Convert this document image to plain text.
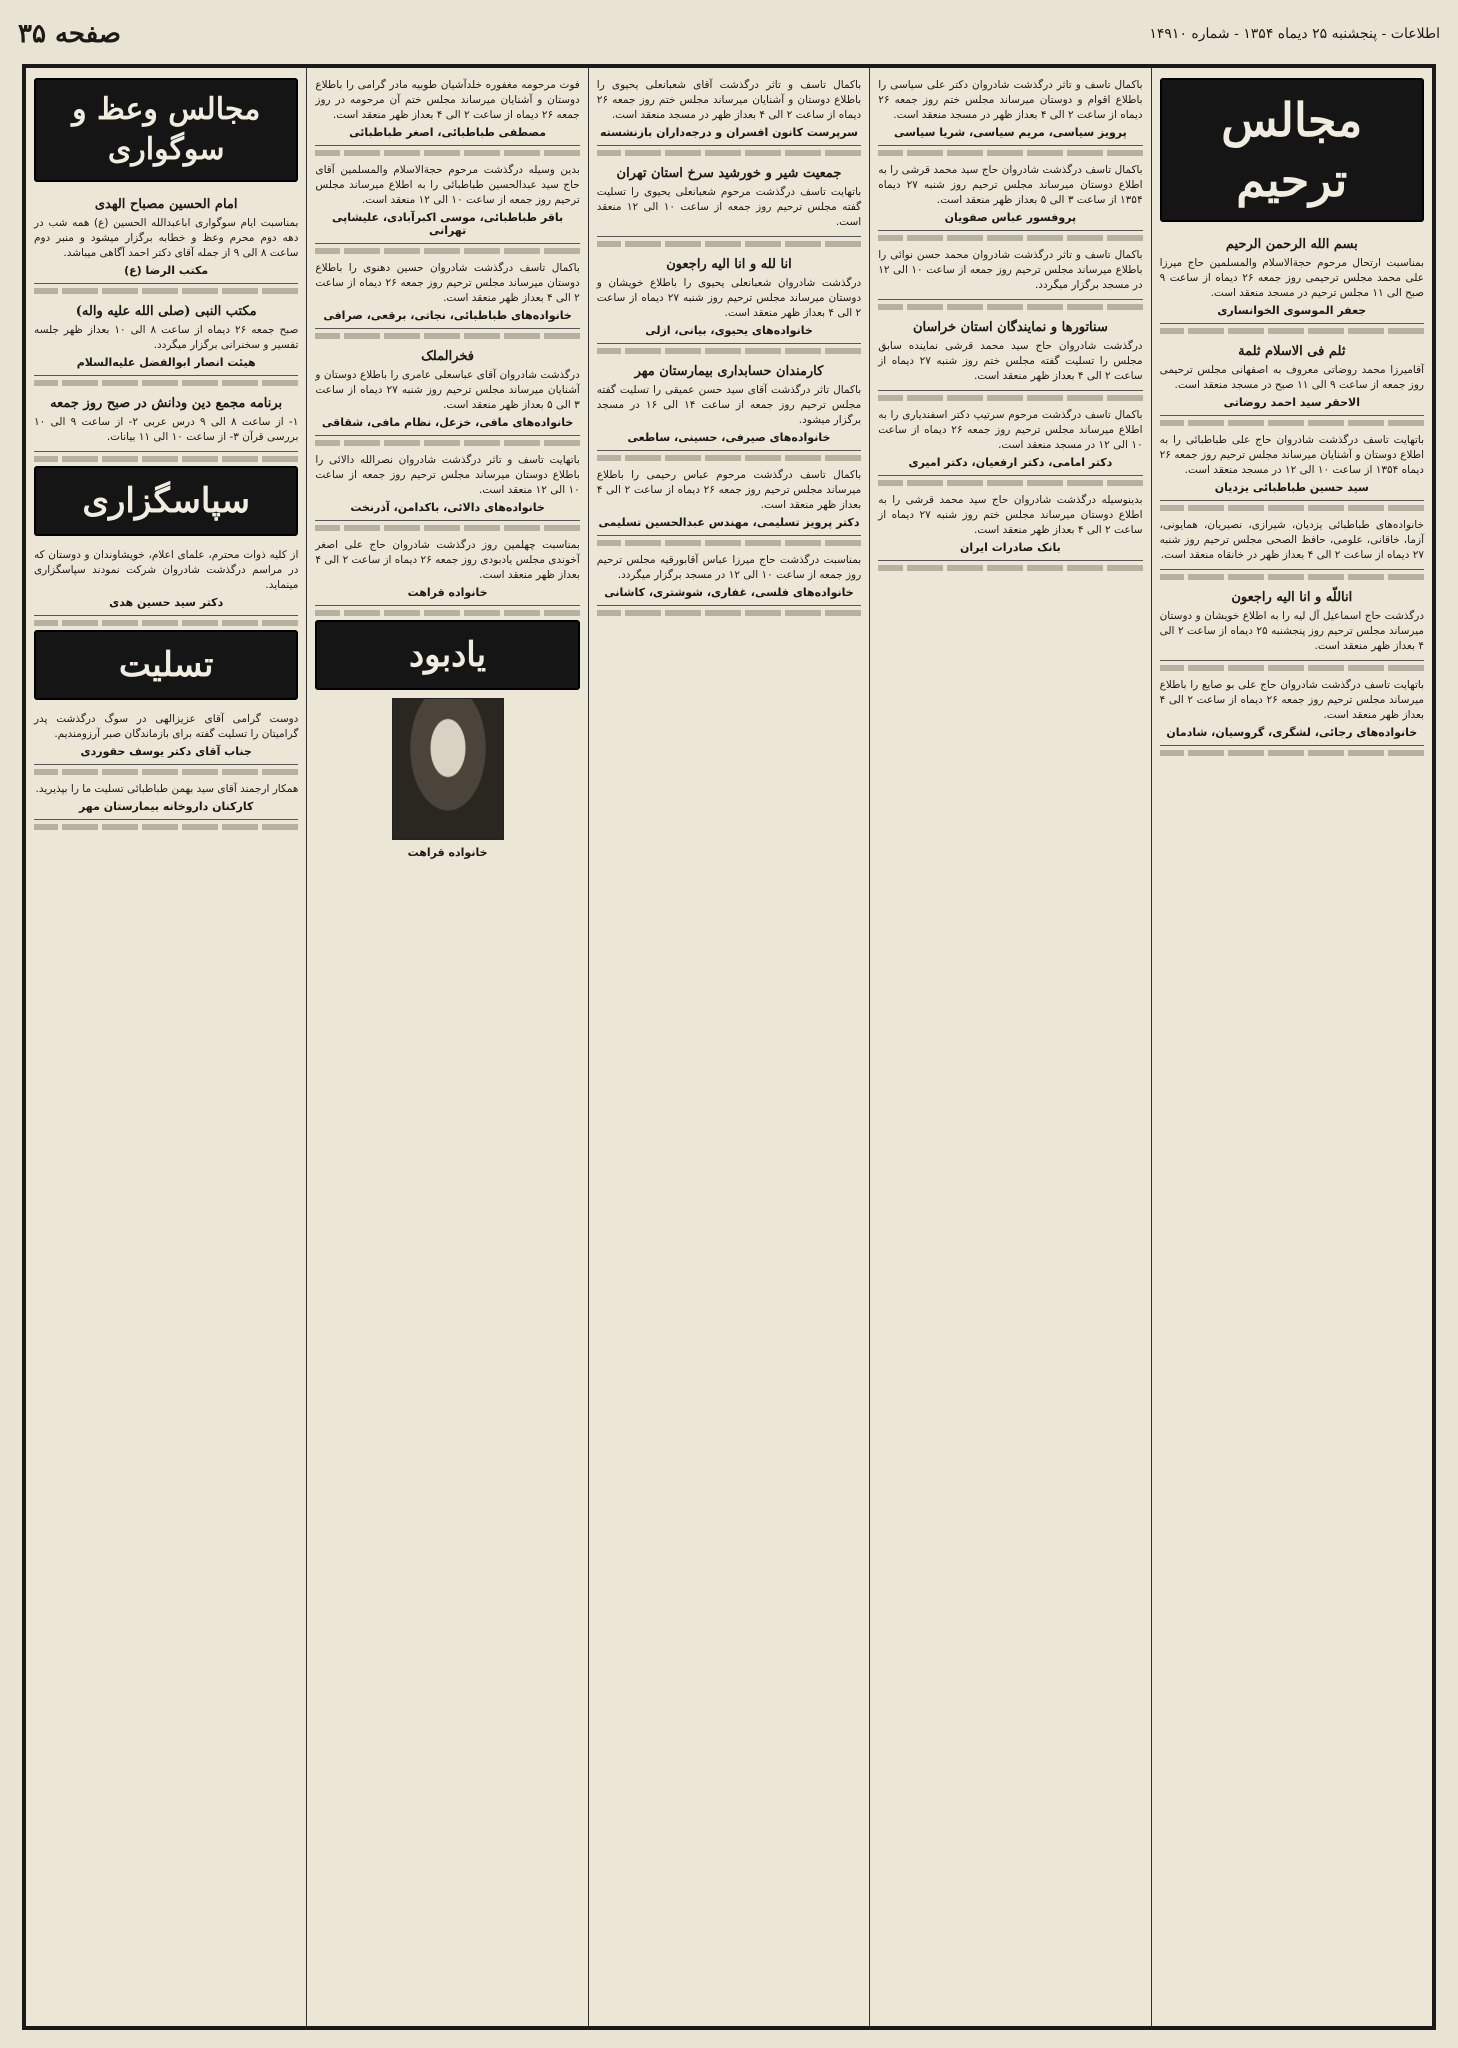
اطلاعات - پنجشنبه ۲۵ دیماه ۱۳۵۴ - شماره ۱۴۹۱۰
صفحه ۳۵
مجالس ترحیم
بسم الله الرحمن الرحیم

بمناسبت ارتحال مرحوم حجةالاسلام والمسلمین حاج میرزا علی محمد مجلس ترحیمی روز جمعه ۲۶ دیماه از ساعت ۹ صبح الی ۱۱ مجلس ترحیم در مسجد منعقد است.

جعفر الموسوی الخوانساری
ثلم فی الاسلام ثلمة

آقامیرزا محمد روضاتی معروف به اصفهانی مجلس ترحیمی روز جمعه از ساعت ۹ الی ۱۱ صبح در مسجد منعقد است.

الاحقر سید احمد روضاتی

باتهایت تاسف درگذشت شادروان حاج علی طباطبائی را به اطلاع دوستان و آشنایان میرساند مجلس ترحیم روز جمعه ۲۶ دیماه ۱۳۵۴ از ساعت ۱۰ الی ۱۲ در مسجد منعقد است.

سید حسین طباطبائی یزدیان

خانواده‌های طباطبائی یزدیان، شیرازی، نصیریان، همایونی، آزما، خاقانی، علومی، حافظ الصحی مجلس ترحیم روز شنبه ۲۷ دیماه از ساعت ۲ الی ۴ بعداز ظهر در خانقاه منعقد است.

اناللّه و انا الیه راجعون

درگذشت حاج اسماعیل آل لیه را به اطلاع خویشان و دوستان میرساند مجلس ترحیم روز پنجشنبه ۲۵ دیماه از ساعت ۲ الی ۴ بعداز ظهر منعقد است.

باتهایت تاسف درگذشت شادروان حاج علی بو صایع را باطلاع میرساند مجلس ترحیم روز جمعه ۲۶ دیماه از ساعت ۲ الی ۴ بعداز ظهر منعقد است.

خانواده‌های رجائی، لشگری، گروسیان، شادمان

باکمال تاسف و تاثر درگذشت شادروان دکتر علی سیاسی را باطلاع اقوام و دوستان میرساند مجلس ختم روز جمعه ۲۶ دیماه از ساعت ۲ الی ۴ بعداز ظهر در مسجد منعقد است.

پرویز سیاسی، مریم سیاسی، شریا سیاسی

باکمال تاسف درگذشت شادروان حاج سید محمد قرشی را به اطلاع دوستان میرساند مجلس ترحیم روز شنبه ۲۷ دیماه ۱۳۵۴ از ساعت ۳ الی ۵ بعداز ظهر منعقد است.

پروفسور عباس صفویان

باکمال تاسف و تاثر درگذشت شادروان محمد حسن نوائی را باطلاع میرساند مجلس ترحیم روز جمعه از ساعت ۱۰ الی ۱۲ در مسجد برگزار میگردد.

سناتورها و نمایندگان استان خراسان

درگذشت شادروان حاج سید محمد قرشی نماینده سابق مجلس را تسلیت گفته مجلس ختم روز شنبه ۲۷ دیماه از ساعت ۲ الی ۴ بعداز ظهر منعقد است.

باکمال تاسف درگذشت مرحوم سرتیپ دکتر اسفندیاری را به اطلاع میرساند مجلس ترحیم روز جمعه ۲۶ دیماه از ساعت ۱۰ الی ۱۲ در مسجد منعقد است.

دکتر امامی، دکتر ارفعیان، دکتر امیری

بدینوسیله درگذشت شادروان حاج سید محمد قرشی را به اطلاع دوستان میرساند مجلس ختم روز شنبه ۲۷ دیماه از ساعت ۲ الی ۴ بعداز ظهر منعقد است.

بانک صادرات ایران

باکمال تاسف و تاثر درگذشت آقای شعبانعلی یحیوی را باطلاع دوستان و آشنایان میرساند مجلس ختم روز جمعه ۲۶ دیماه از ساعت ۲ الی ۴ بعداز ظهر در مسجد منعقد است.

سرپرست کانون افسران و درجه‌داران بازنشسته
جمعیت شیر و خورشید سرخ استان تهران

باتهایت تاسف درگذشت مرحوم شعبانعلی یحیوی را تسلیت گفته مجلس ترحیم روز جمعه از ساعت ۱۰ الی ۱۲ منعقد است.

انا لله و انا الیه راجعون

درگذشت شادروان شعبانعلی یحیوی را باطلاع خویشان و دوستان میرساند مجلس ترحیم روز شنبه ۲۷ دیماه از ساعت ۲ الی ۴ بعداز ظهر منعقد است.

خانواده‌های یحیوی، بیانی، ازلی
کارمندان حسابداری بیمارستان مهر

باکمال تاثر درگذشت آقای سید حسن عمیقی را تسلیت گفته مجلس ترحیم روز جمعه از ساعت ۱۴ الی ۱۶ در مسجد برگزار میشود.

خانواده‌های صیرفی، حسینی، ساطعی

باکمال تاسف درگذشت مرحوم عباس رحیمی را باطلاع میرساند مجلس ترحیم روز جمعه ۲۶ دیماه از ساعت ۲ الی ۴ بعداز ظهر منعقد است.

دکتر پرویز تسلیمی، مهندس عبدالحسین تسلیمی

بمناسبت درگذشت حاج میرزا عباس آقابورقیه مجلس ترحیم روز جمعه از ساعت ۱۰ الی ۱۲ در مسجد برگزار میگردد.

خانواده‌های فلسی، غفاری، شوشتری، کاشانی

فوت مرحومه مغفوره خلدآشیان طوبیه مادر گرامی را باطلاع دوستان و آشنایان میرساند مجلس ختم آن مرحومه در روز جمعه ۲۶ دیماه از ساعت ۲ الی ۴ بعداز ظهر منعقد است.

مصطفی طباطبائی، اصغر طباطبائی

بدین وسیله درگذشت مرحوم حجةالاسلام والمسلمین آقای حاج سید عبدالحسین طباطبائی را به اطلاع میرساند مجلس ترحیم روز جمعه از ساعت ۱۰ الی ۱۲ منعقد است.

باقر طباطبائی، موسی اکبرآبادی، علیشاپی تهرانی

باکمال تاسف درگذشت شادروان حسین دهنوی را باطلاع دوستان میرساند مجلس ترحیم روز جمعه ۲۶ دیماه از ساعت ۲ الی ۴ بعداز ظهر منعقد است.

خانواده‌های طباطبائی، نجاتی، برقعی، صرافی
فخرالملک

درگذشت شادروان آقای عباسعلی عامری را باطلاع دوستان و آشنایان میرساند مجلس ترحیم روز شنبه ۲۷ دیماه از ساعت ۳ الی ۵ بعداز ظهر منعقد است.

خانواده‌های مافی، خزعل، نظام مافی، شقاقی

باتهایت تاسف و تاثر درگذشت شادروان نصرالله دالائی را باطلاع دوستان میرساند مجلس ترحیم روز جمعه از ساعت ۱۰ الی ۱۲ منعقد است.

خانواده‌های دالائی، باکدامن، آذرنخت

بمناسبت چهلمین روز درگذشت شادروان حاج علی اصغر آخوندی مجلس یادبودی روز جمعه ۲۶ دیماه از ساعت ۲ الی ۴ بعداز ظهر منعقد است.

خانواده قراهت
یادبود
خانواده قراهت
مجالس وعظ و سوگواری
امام الحسین مصباح الهدی

بمناسبت ایام سوگواری اباعبدالله الحسین (ع) همه شب در دهه دوم محرم وعظ و خطابه برگزار میشود و منبر دوم ساعت ۸ الی ۹ از جمله آقای دکتر احمد آگاهی میباشد.

مکتب الرضا (ع)
مکتب النبی (صلی الله علیه واله)

صبح جمعه ۲۶ دیماه از ساعت ۸ الی ۱۰ بعداز ظهر جلسه تفسیر و سخنرانی برگزار میگردد.

هیئت انصار ابوالفضل علیه‌السلام
برنامه مجمع دین ودانش در صبح روز جمعه

۱- از ساعت ۸ الی ۹ درس عربی ۲- از ساعت ۹ الی ۱۰ بررسی قرآن ۳- از ساعت ۱۰ الی ۱۱ بیانات.

سپاسگزاری

از کلیه ذوات محترم، علمای اعلام، خویشاوندان و دوستان که در مراسم درگذشت شادروان شرکت نمودند سپاسگزاری مینماید.

دکتر سید حسین هدی
تسلیت

دوست گرامی آقای عزیزالهی در سوگ درگذشت پدر گرامیتان را تسلیت گفته برای بازماندگان صبر آرزومندیم.

جناب آقای دکتر یوسف حقوردی

همکار ارجمند آقای سید بهمن طباطبائی تسلیت ما را بپذیرید.

کارکنان داروخانه بیمارستان مهر
